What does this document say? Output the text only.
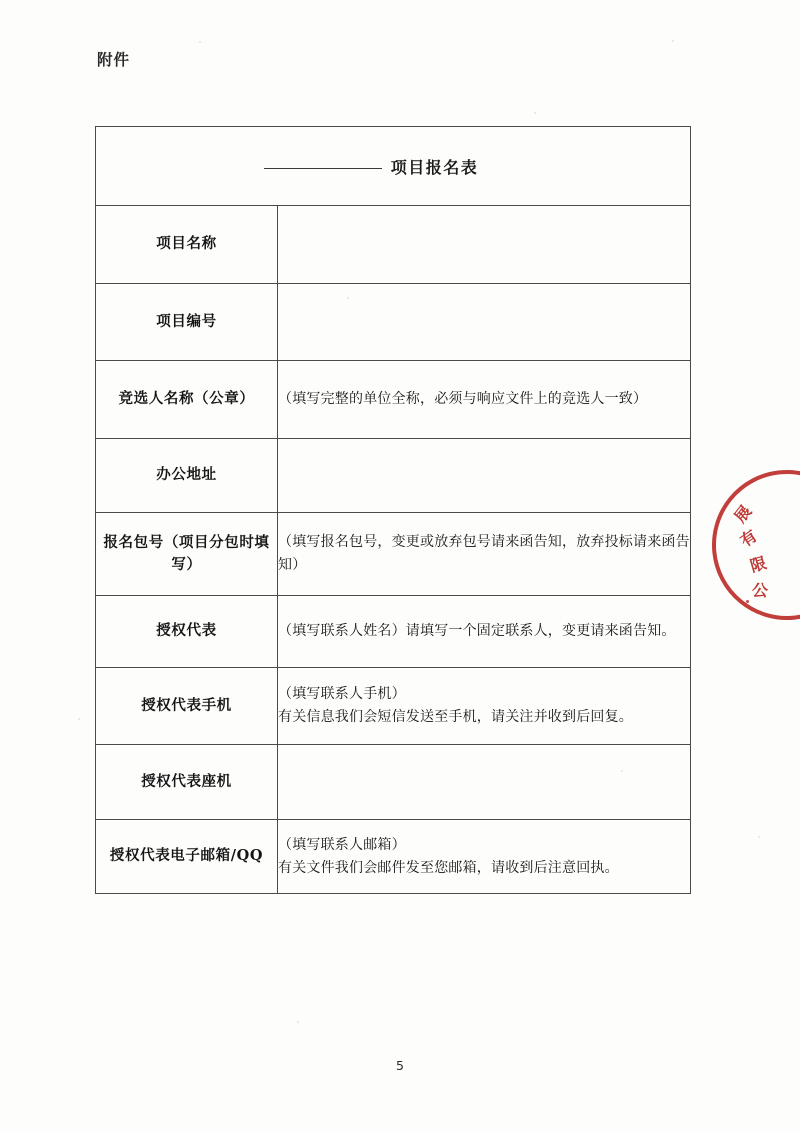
附件
项目报名表	
项目名称	
项目编号	
竞选人名称（公章）	（填写完整的单位全称，必须与响应文件上的竞选人一致）

办公地址	
报名包号（项目分包时填写）	（填写报名包号，变更或放弃包号请来函告知，放弃投标请来函告知）

授权代表	（填写联系人姓名）请填写一个固定联系人，变更请来函告知。

授权代表手机	（填写联系人手机）
有关信息我们会短信发送至手机，请关注并收到后回复。

授权代表座机	
授权代表电子邮箱/QQ	（填写联系人邮箱）
有关文件我们会邮件发至您邮箱，请收到后注意回执。
展
有
限
公
5
